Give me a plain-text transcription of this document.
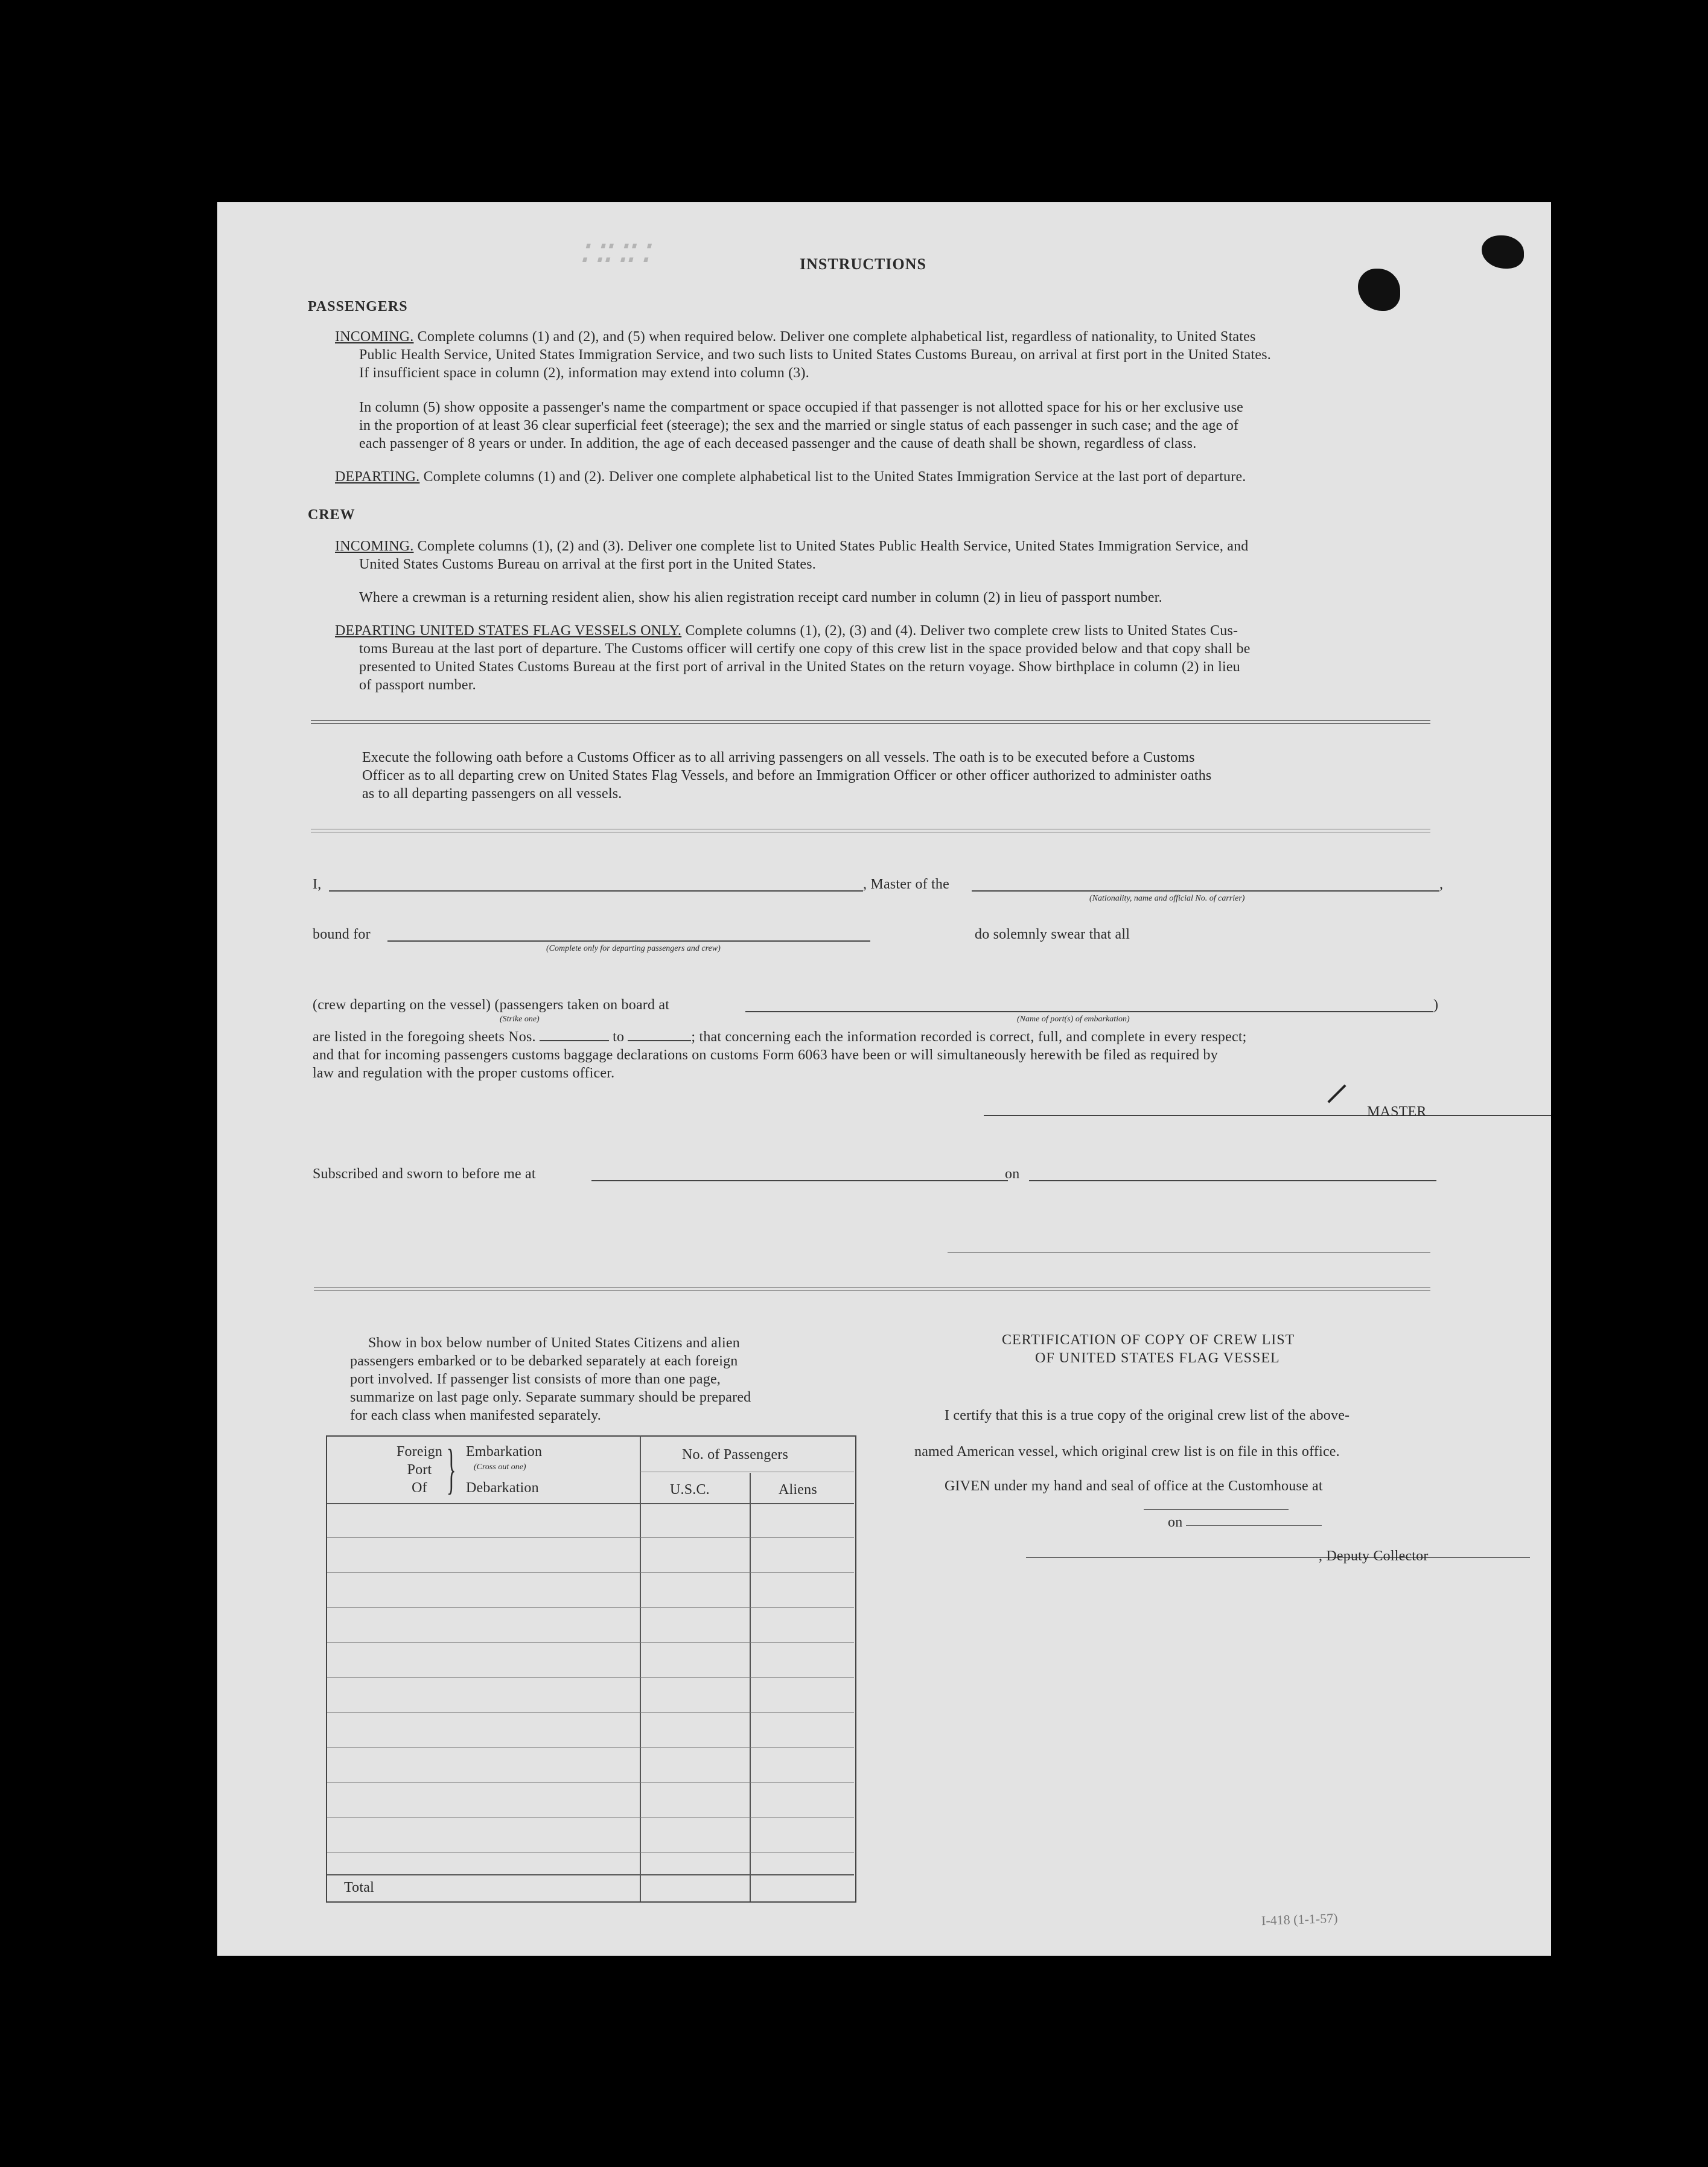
∷∷∷	INSTRUCTIONS
PASSENGERS
INCOMING. Complete columns (1) and (2), and (5) when required below. Deliver one complete alphabetical list, regardless of nationality, to United States
Public Health Service, United States Immigration Service, and two such lists to United States Customs Bureau, on arrival at first port in the United States.
If insufficient space in column (2), information may extend into column (3).
In column (5) show opposite a passenger's name the compartment or space occupied if that passenger is not allotted space for his or her exclusive use
in the proportion of at least 36 clear superficial feet (steerage); the sex and the married or single status of each passenger in such case; and the age of
each passenger of 8 years or under. In addition, the age of each deceased passenger and the cause of death shall be shown, regardless of class.
DEPARTING. Complete columns (1) and (2). Deliver one complete alphabetical list to the United States Immigration Service at the last port of departure.
CREW
INCOMING. Complete columns (1), (2) and (3). Deliver one complete list to United States Public Health Service, United States Immigration Service, and
United States Customs Bureau on arrival at the first port in the United States.
Where a crewman is a returning resident alien, show his alien registration receipt card number in column (2) in lieu of passport number.
DEPARTING UNITED STATES FLAG VESSELS ONLY. Complete columns (1), (2), (3) and (4). Deliver two complete crew lists to United States Cus-
toms Bureau at the last port of departure. The Customs officer will certify one copy of this crew list in the space provided below and that copy shall be
presented to United States Customs Bureau at the first port of arrival in the United States on the return voyage. Show birthplace in column (2) in lieu
of passport number.
Execute the following oath before a Customs Officer as to all arriving passengers on all vessels. The oath is to be executed before a Customs
Officer as to all departing crew on United States Flag Vessels, and before an Immigration Officer or other officer authorized to administer oaths
as to all departing passengers on all vessels.
I,	, Master of the	,
(Nationality, name and official No. of carrier)
bound for
(Complete only for departing passengers and crew)
do solemnly swear that all
(crew departing on the vessel) (passengers taken on board at	)
(Strike one)	(Name of port(s) of embarkation)
are listed in the foregoing sheets Nos.	to	; that concerning each the information recorded is correct, full, and complete in every respect;
and that for incoming passengers customs baggage declarations on customs Form 6063 have been or will simultaneously herewith be filed as required by
law and regulation with the proper customs officer.
MASTER
Subscribed and sworn to before me at	on
Show in box below number of United States Citizens and alien
passengers embarked or to be debarked separately at each foreign
port involved. If passenger list consists of more than one page,
summarize on last page only. Separate summary should be prepared
for each class when manifested separately.
Foreign
Port
Of } Embarkation
(Cross out one)
Debarkation
No. of Passengers
U.S.C.	Aliens
Total
CERTIFICATION OF COPY OF CREW LIST
OF UNITED STATES FLAG VESSEL
I certify that this is a true copy of the original crew list of the above-
named American vessel, which original crew list is on file in this office.
GIVEN under my hand and seal of office at the Customhouse at
on
, Deputy Collector
I-418 (1-1-57)
